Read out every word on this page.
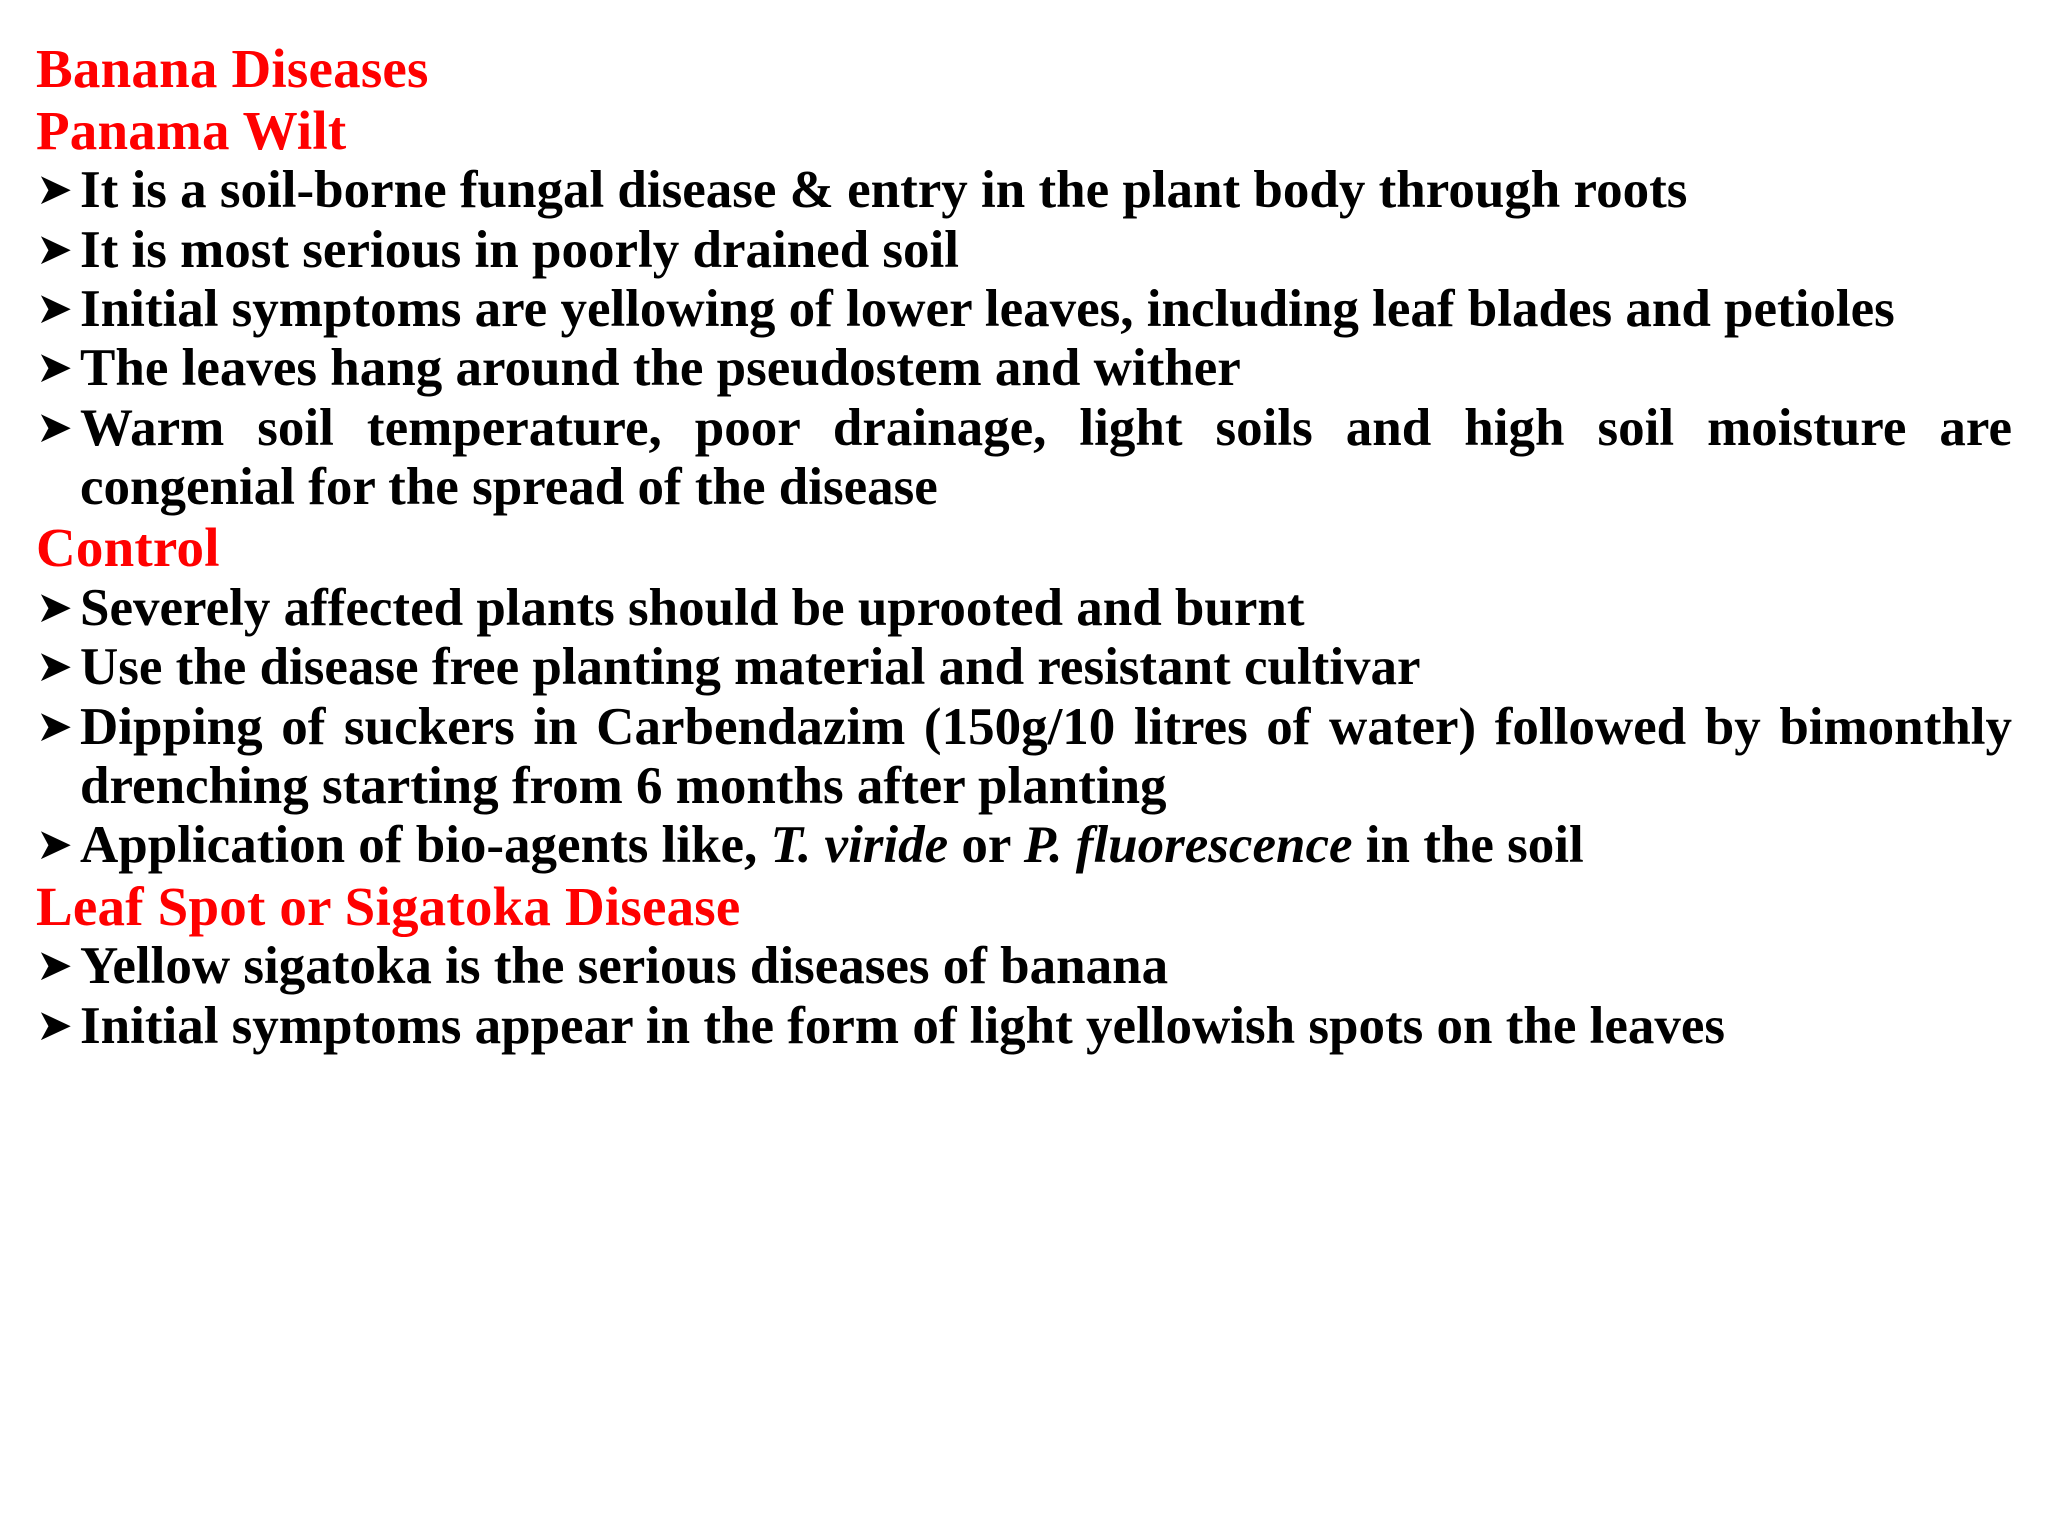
Banana Diseases
Panama Wilt
➤ It is a soil-borne fungal disease & entry in the plant body through roots
➤ It is most serious in poorly drained soil
➤ Initial symptoms are yellowing of lower leaves, including leaf blades and petioles
➤ The leaves hang around the pseudostem and wither
➤ Warm soil temperature, poor drainage, light soils and high soil moisture are congenial for the spread of the disease
Control
➤ Severely affected plants should be uprooted and burnt
➤ Use the disease free planting material and resistant cultivar
➤ Dipping of suckers in Carbendazim (150g/10 litres of water) followed by bimonthly drenching starting from 6 months after planting
➤ Application of bio-agents like, T. viride or P. fluorescence in the soil
Leaf Spot or Sigatoka Disease
➤ Yellow sigatoka is the serious diseases of banana
➤ Initial symptoms appear in the form of light yellowish spots on the leaves
